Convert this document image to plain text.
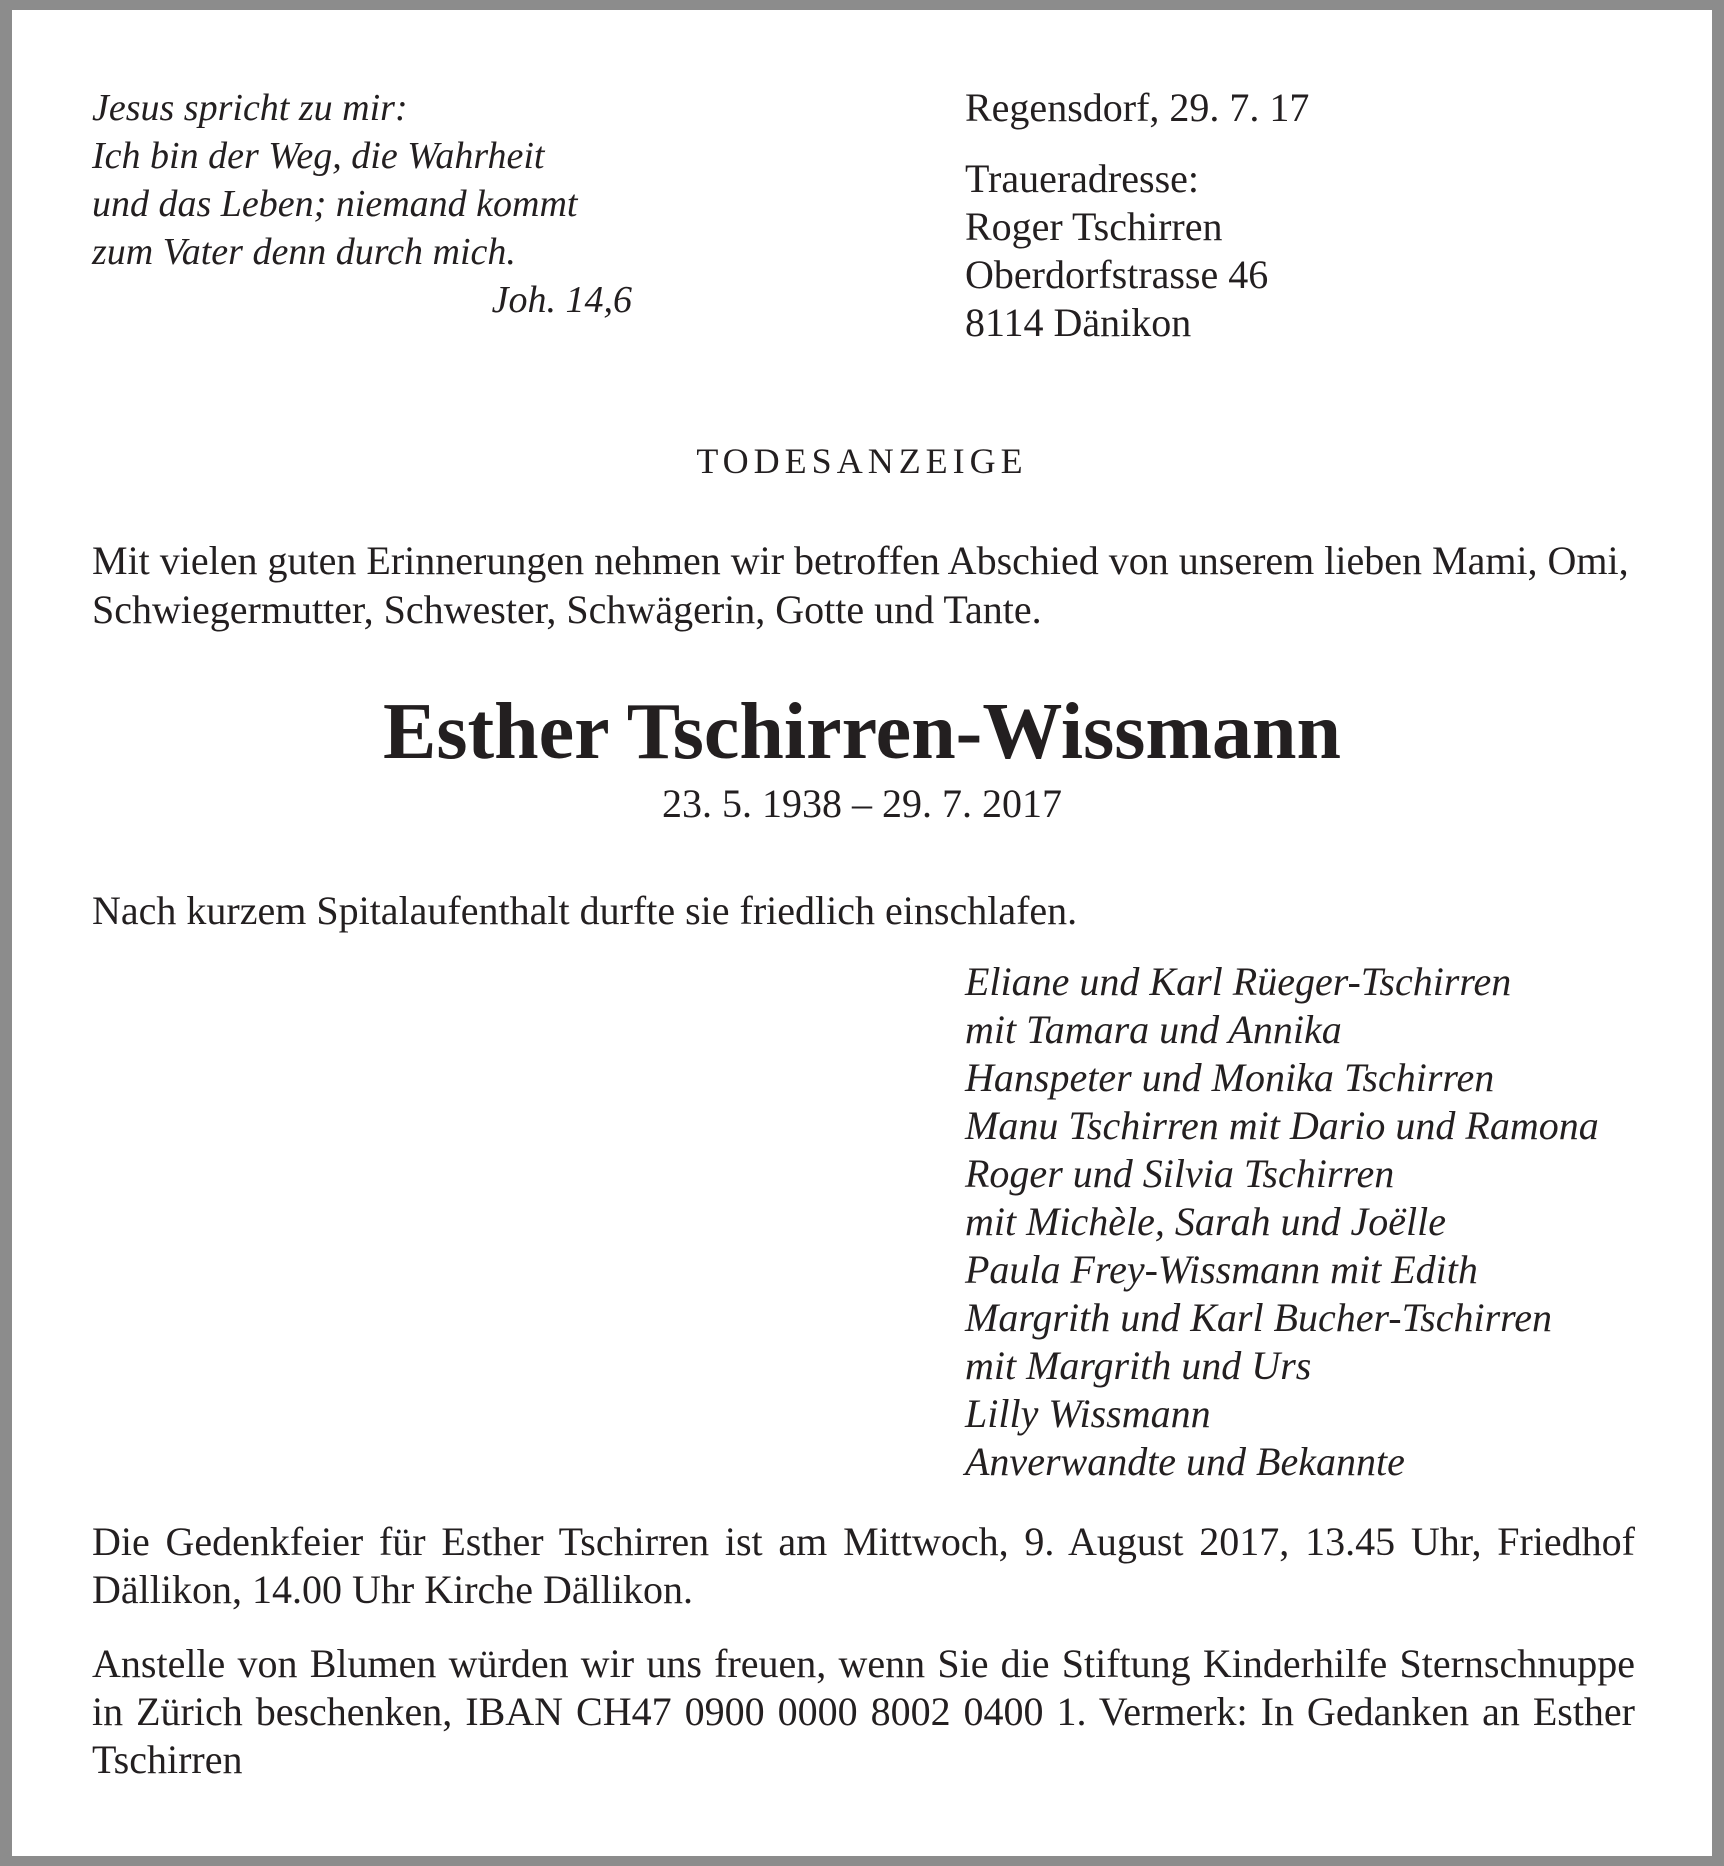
Jesus spricht zu mir:
Ich bin der Weg, die Wahrheit
und das Leben; niemand kommt
zum Vater denn durch mich.
Joh. 14,6
Regensdorf, 29. 7. 17
Traueradresse:
Roger Tschirren
Oberdorfstrasse 46
8114 Dänikon
TODESANZEIGE
Mit vielen guten Erinnerungen nehmen wir betroffen Abschied von unserem lieben Mami, Omi, Schwiegermutter, Schwester, Schwägerin, Gotte und Tante.
Esther Tschirren-Wissmann
23. 5. 1938 – 29. 7. 2017
Nach kurzem Spitalaufenthalt durfte sie friedlich einschlafen.
Eliane und Karl Rüeger-Tschirren
mit Tamara und Annika
Hanspeter und Monika Tschirren
Manu Tschirren mit Dario und Ramona
Roger und Silvia Tschirren
mit Michèle, Sarah und Joëlle
Paula Frey-Wissmann mit Edith
Margrith und Karl Bucher-Tschirren
mit Margrith und Urs
Lilly Wissmann
Anverwandte und Bekannte
Die Gedenkfeier für Esther Tschirren ist am Mittwoch, 9. August 2017, 13.45 Uhr, Friedhof Dällikon, 14.00 Uhr Kirche Dällikon.
Anstelle von Blumen würden wir uns freuen, wenn Sie die Stiftung Kinderhilfe Sternschnuppe in Zürich beschenken, IBAN CH47 0900 0000 8002 0400 1. Vermerk: In Gedanken an Esther Tschirren
